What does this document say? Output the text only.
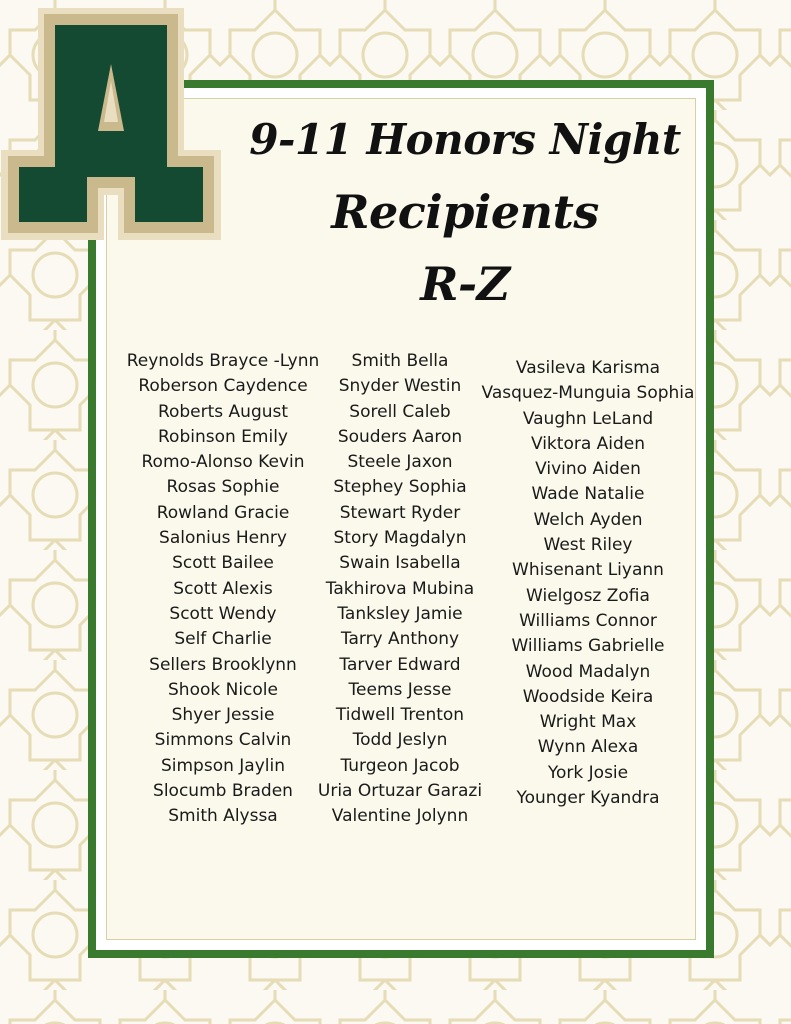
9-11 Honors Night
Recipients
R-Z
Reynolds Brayce -Lynn
Roberson Caydence
Roberts August
Robinson Emily
Romo-Alonso Kevin
Rosas Sophie
Rowland Gracie
Salonius Henry
Scott Bailee
Scott Alexis
Scott Wendy
Self Charlie
Sellers Brooklynn
Shook Nicole
Shyer Jessie
Simmons Calvin
Simpson Jaylin
Slocumb Braden
Smith Alyssa
Smith Bella
Snyder Westin
Sorell Caleb
Souders Aaron
Steele Jaxon
Stephey Sophia
Stewart Ryder
Story Magdalyn
Swain Isabella
Takhirova Mubina
Tanksley Jamie
Tarry Anthony
Tarver Edward
Teems Jesse
Tidwell Trenton
Todd Jeslyn
Turgeon Jacob
Uria Ortuzar Garazi
Valentine Jolynn
Vasileva Karisma
Vasquez-Munguia Sophia
Vaughn LeLand
Viktora Aiden
Vivino Aiden
Wade Natalie
Welch Ayden
West Riley
Whisenant Liyann
Wielgosz Zofia
Williams Connor
Williams Gabrielle
Wood Madalyn
Woodside Keira
Wright Max
Wynn Alexa
York Josie
Younger Kyandra
